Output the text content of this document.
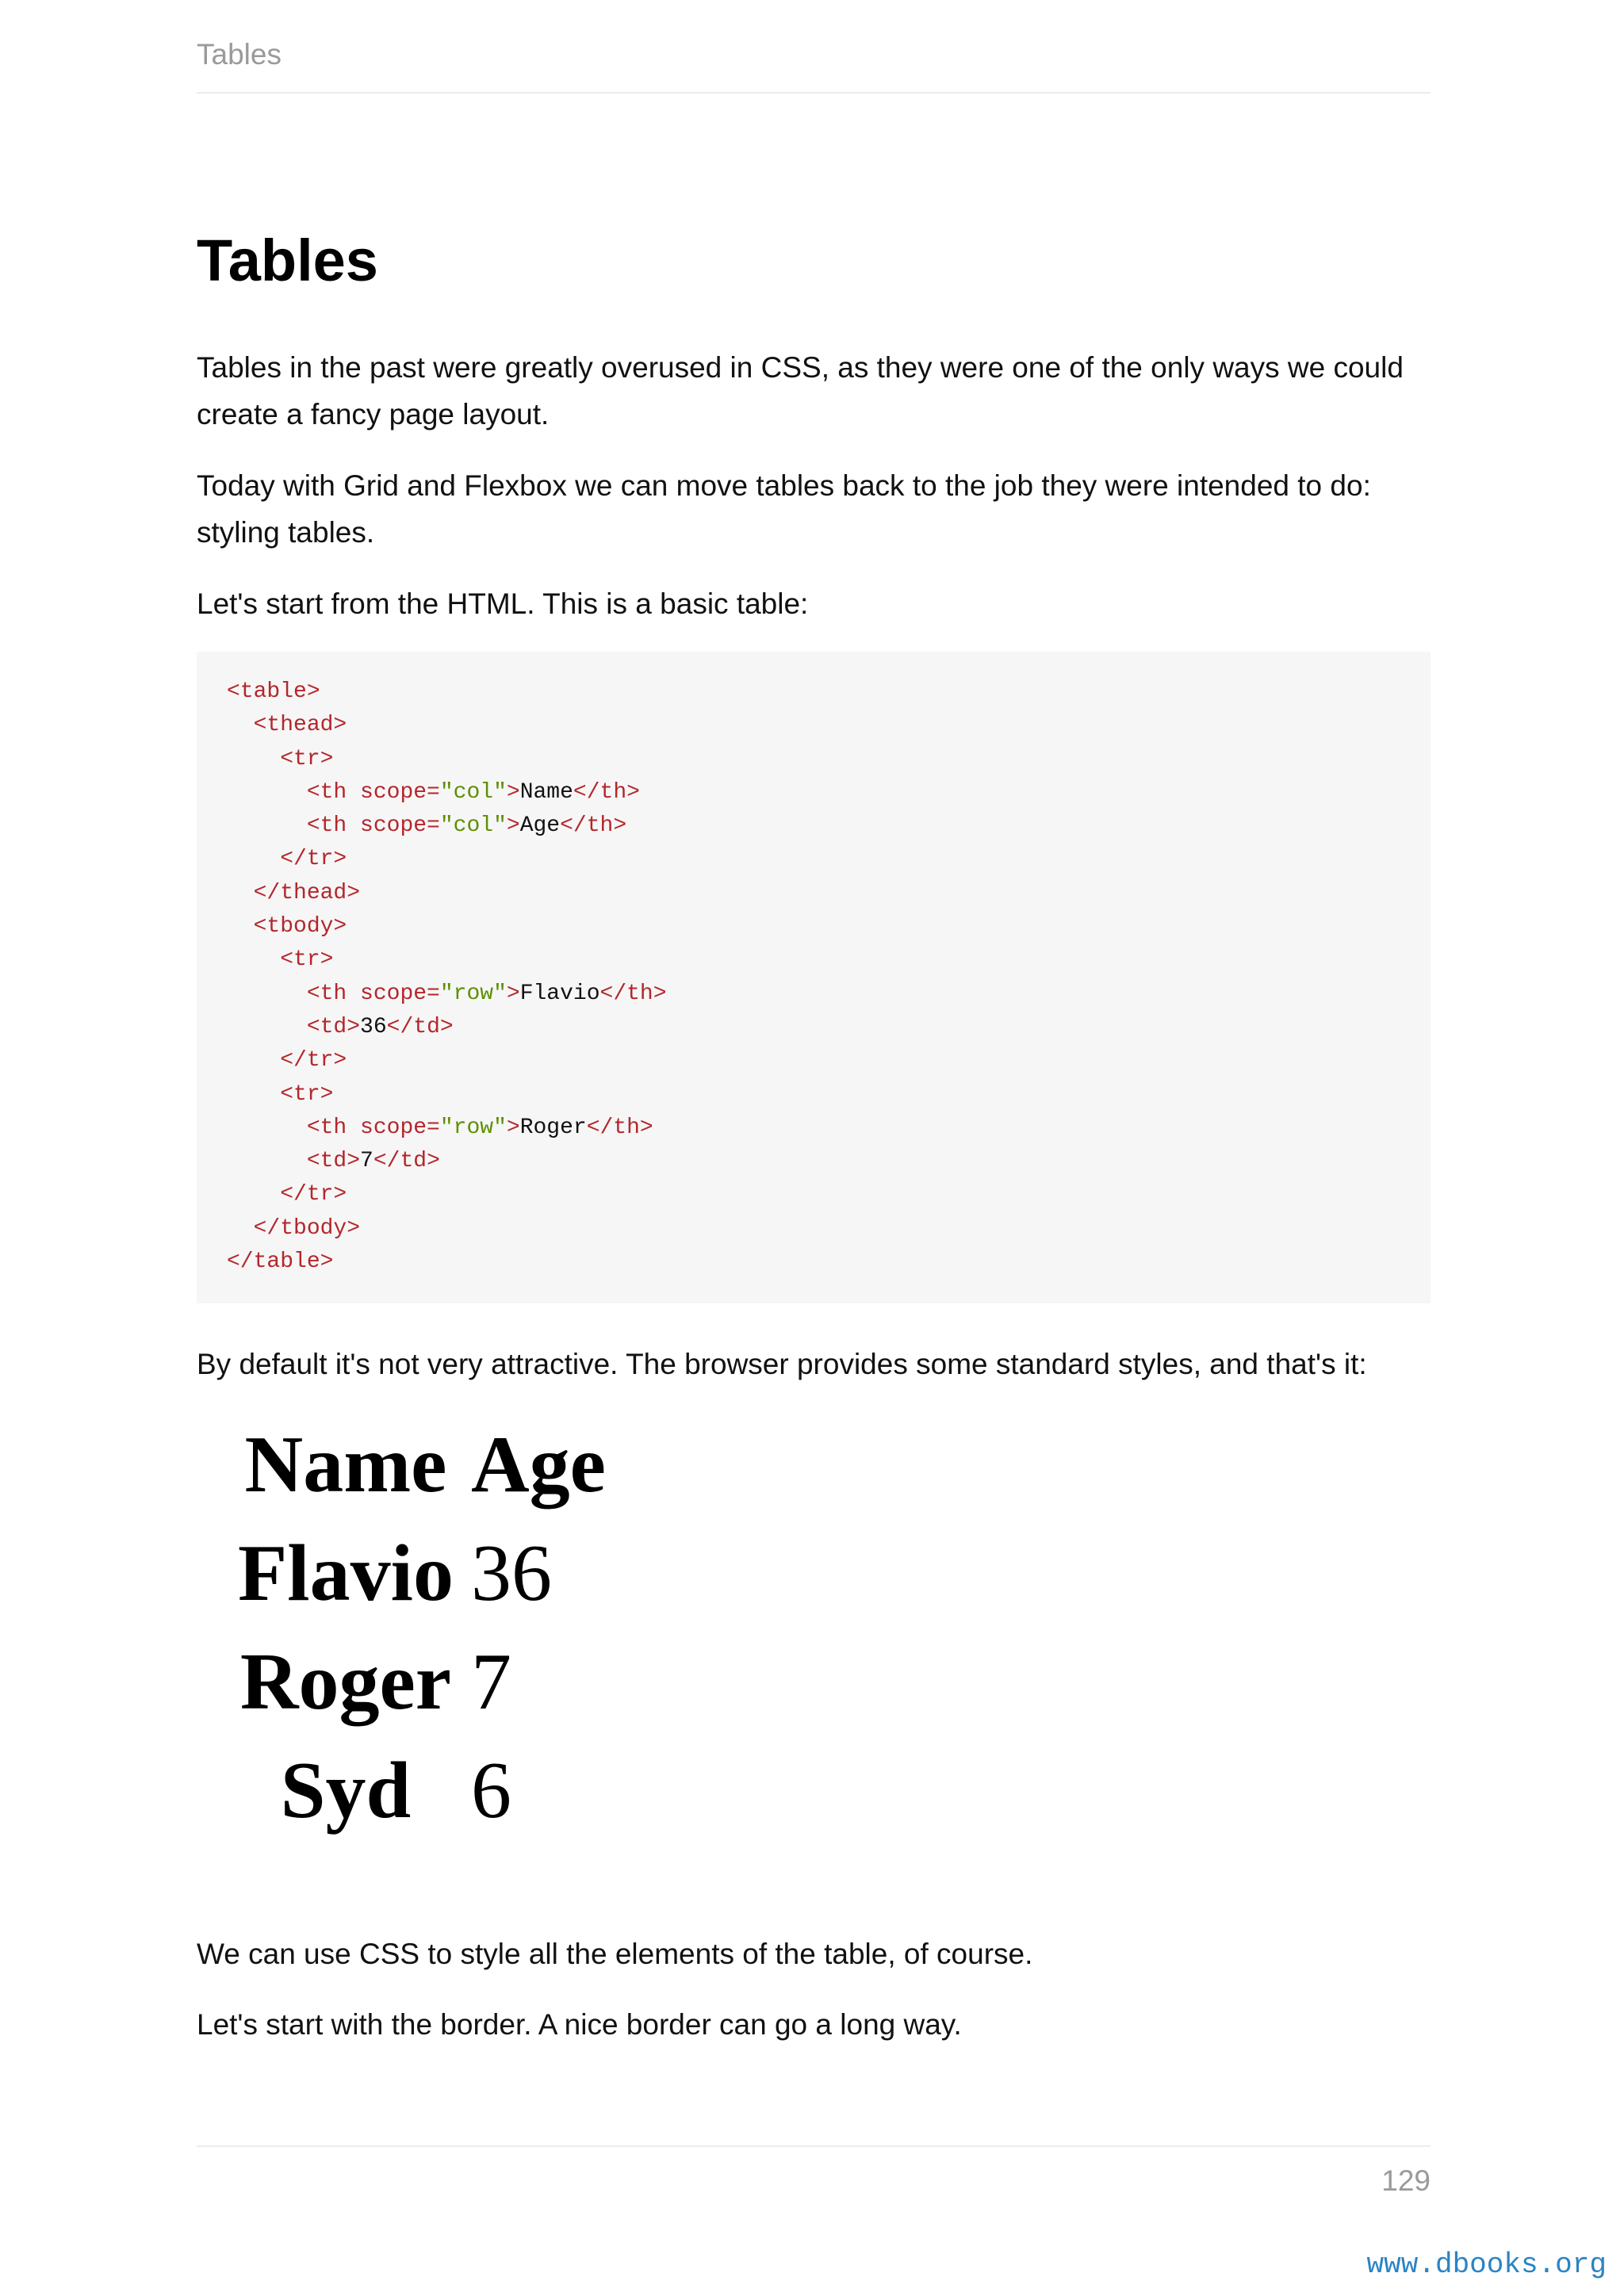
Tables
Tables

Tables in the past were greatly overused in CSS, as they were one of the only ways we could create a fancy page layout.

Today with Grid and Flexbox we can move tables back to the job they were intended to do: styling tables.

Let's start from the HTML. This is a basic table:

<table>
<thead>
<tr>
<th scope="col">Name</th>
<th scope="col">Age</th>
</tr>
</thead>
<tbody>
<tr>
<th scope="row">Flavio</th>
<td>36</td>
</tr>
<tr>
<th scope="row">Roger</th>
<td>7</td>
</tr>
</tbody>
</table>

By default it's not very attractive. The browser provides some standard styles, and that's it:

Name	Age
Flavio	36
Roger	7
Syd	6

We can use CSS to style all the elements of the table, of course.

Let's start with the border. A nice border can go a long way.

129
www.dbooks.org
